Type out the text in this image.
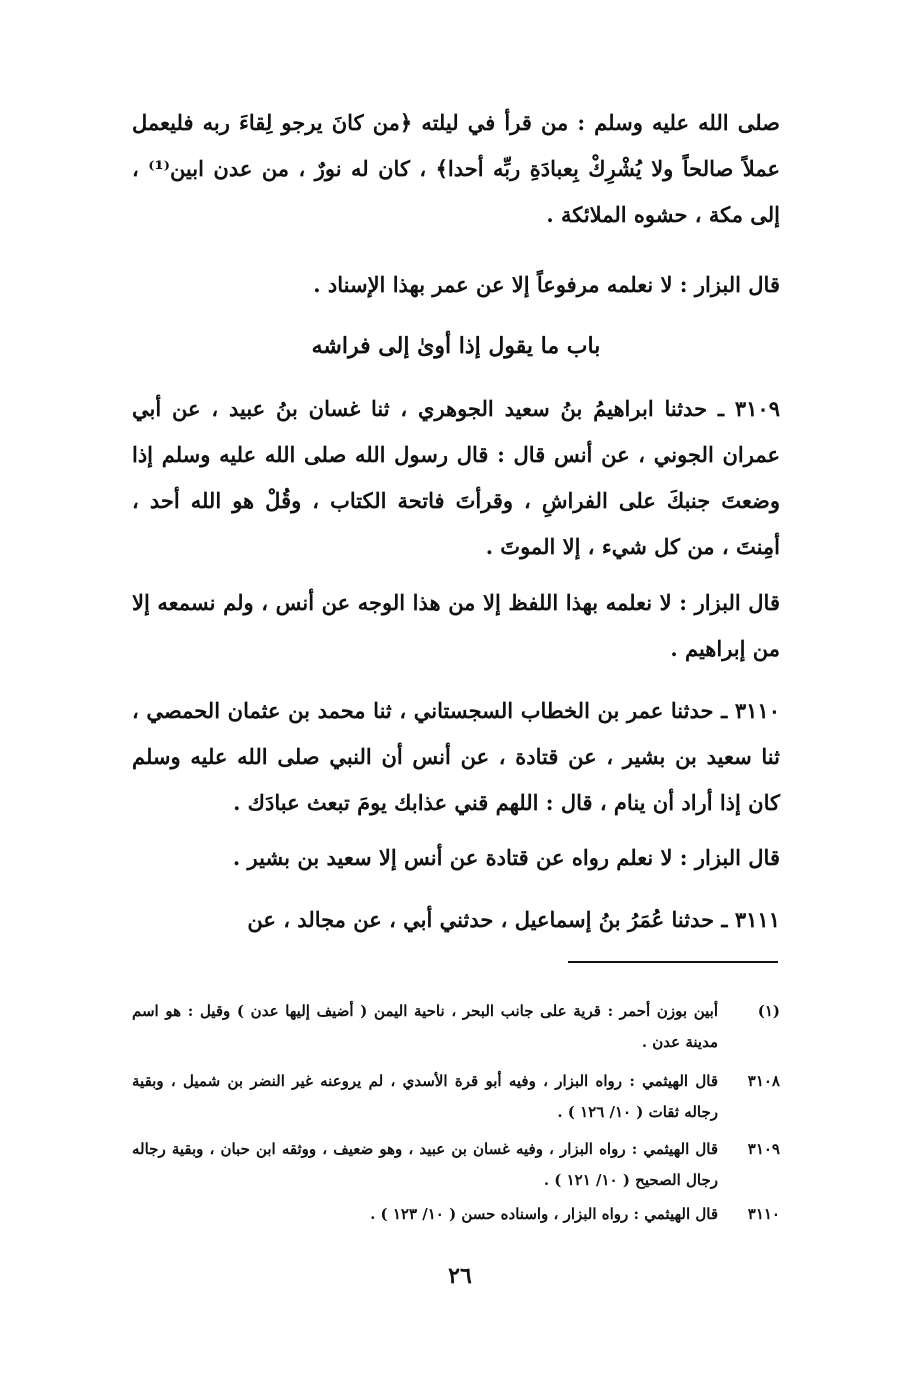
صلى الله عليه وسلم : من قرأ في ليلته ﴿من كانَ يرجو لِقاءَ ربه فليعمل عملاً صالحاً ولا يُشْرِكْ بِعبادَةِ ربِّه أحدا﴾ ، كان له نورٌ ، من عدن ابين⁽¹⁾ ، إلى مكة ، حشوه الملائكة .
قال البزار : لا نعلمه مرفوعاً إلا عن عمر بهذا الإسناد .
باب ما يقول إذا أوىٰ إلى فراشه
٣١٠٩ ـ حدثنا ابراهيمُ بنُ سعيد الجوهري ، ثنا غسان بنُ عبيد ، عن أبي عمران الجوني ، عن أنس قال : قال رسول الله صلى الله عليه وسلم إذا وضعتَ جنبكَ على الفراشِ ، وقرأتَ فاتحة الكتاب ، وقُلْ هو الله أحد ، أمِنتَ ، من كل شيء ، إلا الموتَ .
قال البزار : لا نعلمه بهذا اللفظ إلا من هذا الوجه عن أنس ، ولم نسمعه إلا من إبراهيم .
٣١١٠ ـ حدثنا عمر بن الخطاب السجستاني ، ثنا محمد بن عثمان الحمصي ، ثنا سعيد بن بشير ، عن قتادة ، عن أنس أن النبي صلى الله عليه وسلم كان إذا أراد أن ينام ، قال : اللهم قني عذابك يومَ تبعث عبادَك .
قال البزار : لا نعلم رواه عن قتادة عن أنس إلا سعيد بن بشير .
٣١١١ ـ حدثنا عُمَرُ بنُ إسماعيل ، حدثني أبي ، عن مجالد ، عن
(١)
أبين بوزن أحمر : قرية على جانب البحر ، ناحية اليمن ( أضيف إليها عدن ) وقيل : هو اسم مدينة عدن .
٣١٠٨
قال الهيثمي : رواه البزار ، وفيه أبو قرة الأسدي ، لم يروعنه غير النضر بن شميل ، وبقية رجاله ثقات ( ١٠/ ١٢٦ ) .
٣١٠٩
قال الهيثمي : رواه البزار ، وفيه غسان بن عبيد ، وهو ضعيف ، ووثقه ابن حبان ، وبقية رجاله رجال الصحيح ( ١٠/ ١٢١ ) .
٣١١٠
قال الهيثمي : رواه البزار ، واسناده حسن ( ١٠/ ١٢٣ ) .
٢٦
